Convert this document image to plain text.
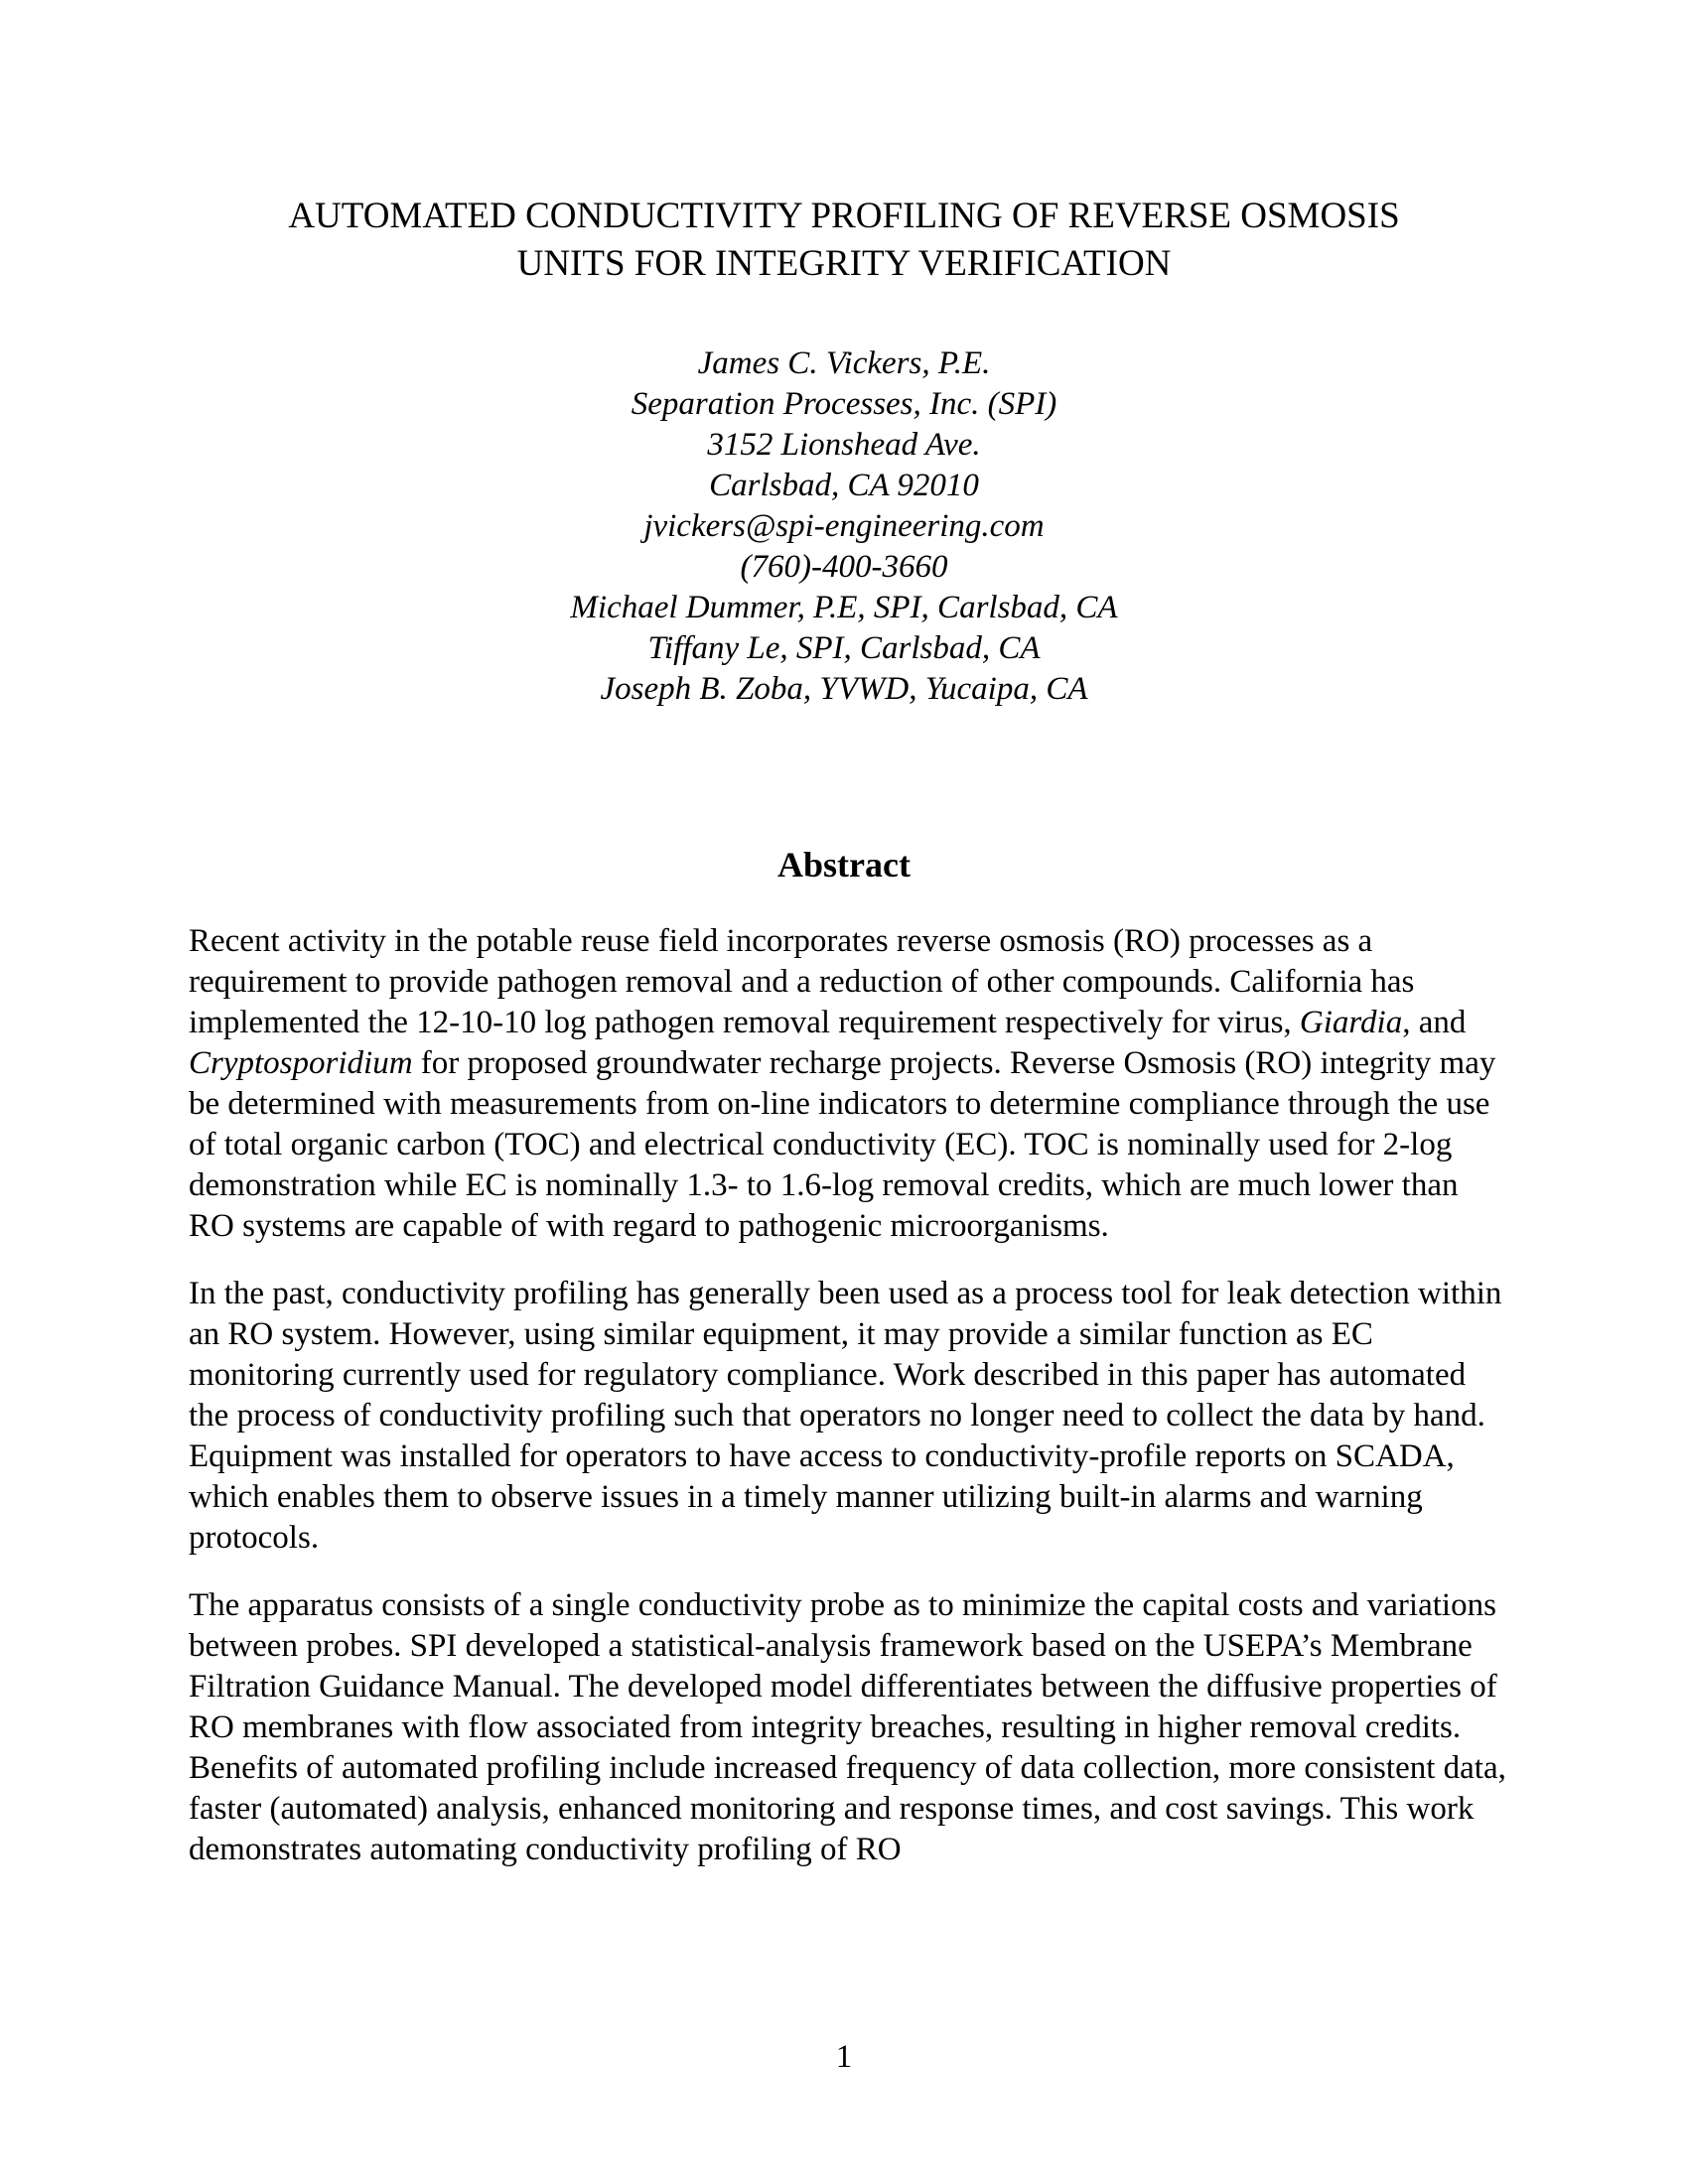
AUTOMATED CONDUCTIVITY PROFILING OF REVERSE OSMOSIS
UNITS FOR INTEGRITY VERIFICATION
James C. Vickers, P.E.
Separation Processes, Inc. (SPI)
3152 Lionshead Ave.
Carlsbad, CA 92010
jvickers@spi-engineering.com
(760)-400-3660
Michael Dummer, P.E, SPI, Carlsbad, CA
Tiffany Le, SPI, Carlsbad, CA
Joseph B. Zoba, YVWD, Yucaipa, CA
Abstract

Recent activity in the potable reuse field incorporates reverse osmosis (RO) processes as a requirement to provide pathogen removal and a reduction of other compounds. California has implemented the 12-10-10 log pathogen removal requirement respectively for virus, Giardia, and Cryptosporidium for proposed groundwater recharge projects. Reverse Osmosis (RO) integrity may be determined with measurements from on-line indicators to determine compliance through the use of total organic carbon (TOC) and electrical conductivity (EC). TOC is nominally used for 2-log demonstration while EC is nominally 1.3- to 1.6-log removal credits, which are much lower than RO systems are capable of with regard to pathogenic microorganisms.

In the past, conductivity profiling has generally been used as a process tool for leak detection within an RO system. However, using similar equipment, it may provide a similar function as EC monitoring currently used for regulatory compliance. Work described in this paper has automated the process of conductivity profiling such that operators no longer need to collect the data by hand. Equipment was installed for operators to have access to conductivity-profile reports on SCADA, which enables them to observe issues in a timely manner utilizing built-in alarms and warning protocols.

The apparatus consists of a single conductivity probe as to minimize the capital costs and variations between probes. SPI developed a statistical-analysis framework based on the USEPA’s Membrane Filtration Guidance Manual. The developed model differentiates between the diffusive properties of RO membranes with flow associated from integrity breaches, resulting in higher removal credits. Benefits of automated profiling include increased frequency of data collection, more consistent data, faster (automated) analysis, enhanced monitoring and response times, and cost savings. This work demonstrates automating conductivity profiling of RO

1
